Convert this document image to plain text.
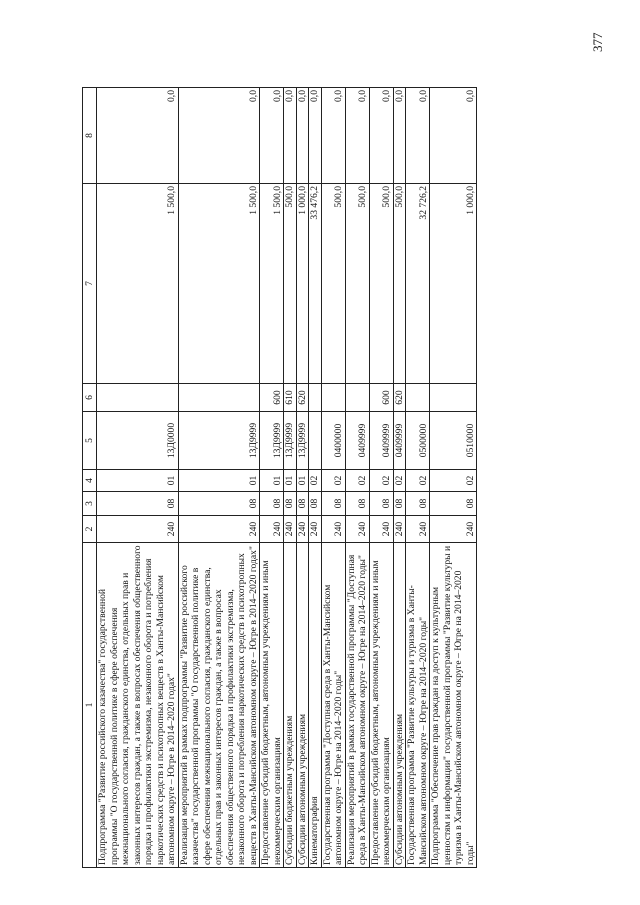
377
1	2	3	4	5	6	7	8
Подпрограмма "Развитие российского казачества" государственной программы "О государственной политике в сфере обеспечения межнационального согласия, гражданского единства, отдельных прав и законных интересов граждан, а также в вопросах обеспечения общественного порядка и профилактики экстремизма, незаконного оборота и потребления наркотических средств и психотропных веществ в Ханты-Мансийском автономном округе – Югре в 2014–2020 годах"	240	08	01	13Д0000		1 500,0	0,0
Реализация мероприятий в рамках подпрограммы "Развитие российского казачества" государственной программы "О государственной политике в сфере обеспечения межнационального согласия, гражданского единства, отдельных прав и законных интересов граждан, а также в вопросах обеспечения общественного порядка и профилактики экстремизма, незаконного оборота и потребления наркотических средств и психотропных веществ в Ханты-Мансийском автономном округе – Югре в 2014–2020 годах"	240	08	01	13Д9999		1 500,0	0,0
Предоставление субсидий бюджетным, автономным учреждениям и иным некоммерческим организациям	240	08	01	13Д9999	600	1 500,0	0,0
Субсидии бюджетным учреждениям	240	08	01	13Д9999	610	500,0	0,0
Субсидии автономным учреждениям	240	08	01	13Д9999	620	1 000,0	0,0
Кинематография	240	08	02			33 476,2	0,0
Государственная программа "Доступная среда в Ханты-Мансийском автономном округе – Югре на 2014–2020 годы"	240	08	02	0400000		500,0	0,0
Реализация мероприятий в рамках государственной программы "Доступная среда в Ханты-Мансийском автономном округе – Югре на 2014–2020 годы"	240	08	02	0409999		500,0	0,0
Предоставление субсидий бюджетным, автономным учреждениям и иным некоммерческим организациям	240	08	02	0409999	600	500,0	0,0
Субсидии автономным учреждениям	240	08	02	0409999	620	500,0	0,0
Государственная программа "Развитие культуры и туризма в Ханты-Мансийском автономном округе – Югре на 2014–2020 годы"	240	08	02	0500000		32 726,2	0,0
Подпрограмма "Обеспечение прав граждан на доступ к культурным ценностям и информации" государственной программы "Развитие культуры и туризма в Ханты-Мансийском автономном округе – Югре на 2014–2020 годы"	240	08	02	0510000		1 000,0	0,0
